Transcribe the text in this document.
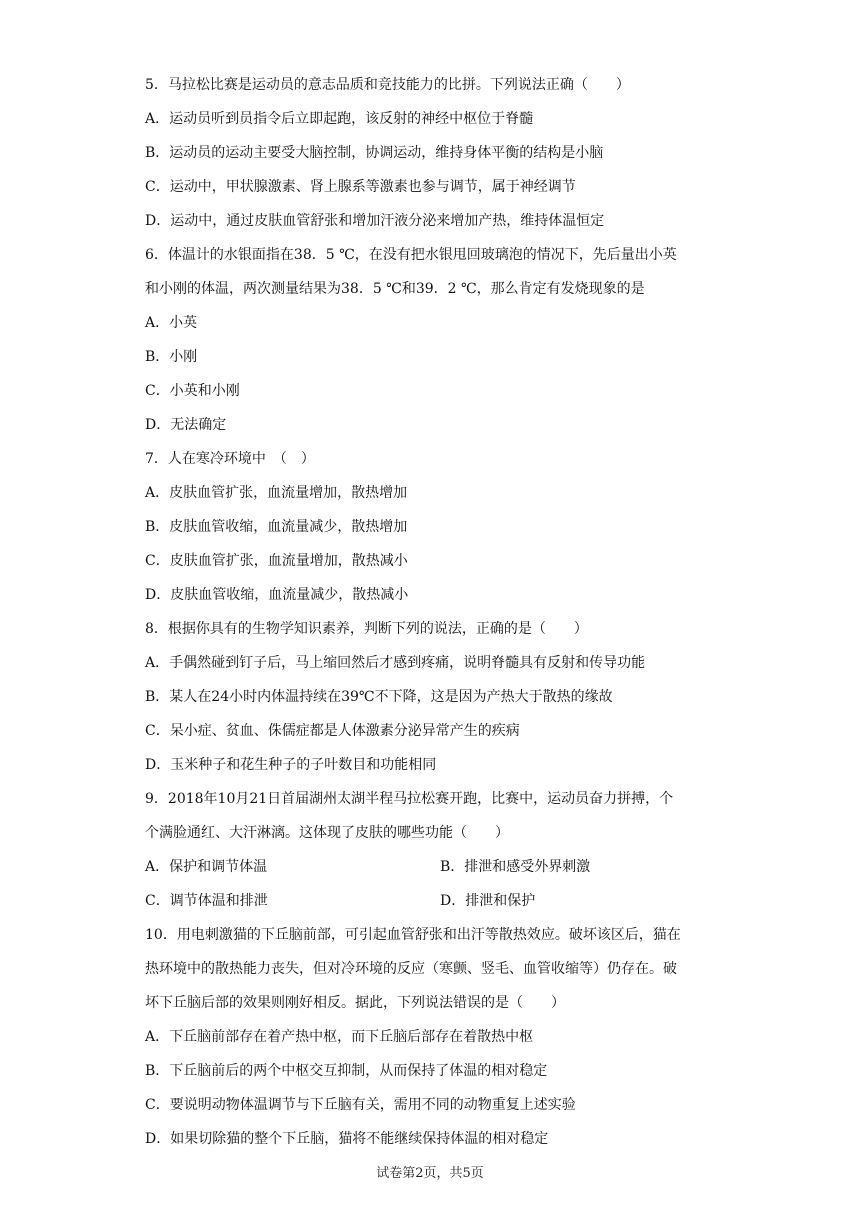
5．马拉松比赛是运动员的意志品质和竞技能力的比拼。下列说法正确（　　）
A．运动员听到员指令后立即起跑，该反射的神经中枢位于脊髓
B．运动员的运动主要受大脑控制，协调运动，维持身体平衡的结构是小脑
C．运动中，甲状腺激素、肾上腺系等激素也参与调节，属于神经调节
D．运动中，通过皮肤血管舒张和增加汗液分泌来增加产热，维持体温恒定
6．体温计的水银面指在38．5 ℃，在没有把水银甩回玻璃泡的情况下，先后量出小英
和小刚的体温，两次测量结果为38．5 ℃和39．2 ℃，那么肯定有发烧现象的是
A．小英
B．小刚
C．小英和小刚
D．无法确定
7．人在寒冷环境中　（　）
A．皮肤血管扩张，血流量增加，散热增加
B．皮肤血管收缩，血流量减少，散热增加
C．皮肤血管扩张，血流量增加，散热减小
D．皮肤血管收缩，血流量减少，散热减小
8．根据你具有的生物学知识素养，判断下列的说法，正确的是（　　）
A．手偶然碰到钉子后，马上缩回然后才感到疼痛，说明脊髓具有反射和传导功能
B．某人在24小时内体温持续在39℃不下降，这是因为产热大于散热的缘故
C．呆小症、贫血、侏儒症都是人体激素分泌异常产生的疾病
D．玉米种子和花生种子的子叶数目和功能相同
9．2018年10月21日首届湖州太湖半程马拉松赛开跑，比赛中，运动员奋力拼搏，个
个满脸通红、大汗淋漓。这体现了皮肤的哪些功能（　　）
A．保护和调节体温	B．排泄和感受外界刺激
C．调节体温和排泄	D．排泄和保护
10．用电刺激猫的下丘脑前部，可引起血管舒张和出汗等散热效应。破坏该区后，猫在
热环境中的散热能力丧失，但对冷环境的反应（寒颤、竖毛、血管收缩等）仍存在。破
坏下丘脑后部的效果则刚好相反。据此，下列说法错误的是（　　）
A．下丘脑前部存在着产热中枢，而下丘脑后部存在着散热中枢
B．下丘脑前后的两个中枢交互抑制，从而保持了体温的相对稳定
C．要说明动物体温调节与下丘脑有关，需用不同的动物重复上述实验
D．如果切除猫的整个下丘脑，猫将不能继续保持体温的相对稳定
试卷第2页，共5页
